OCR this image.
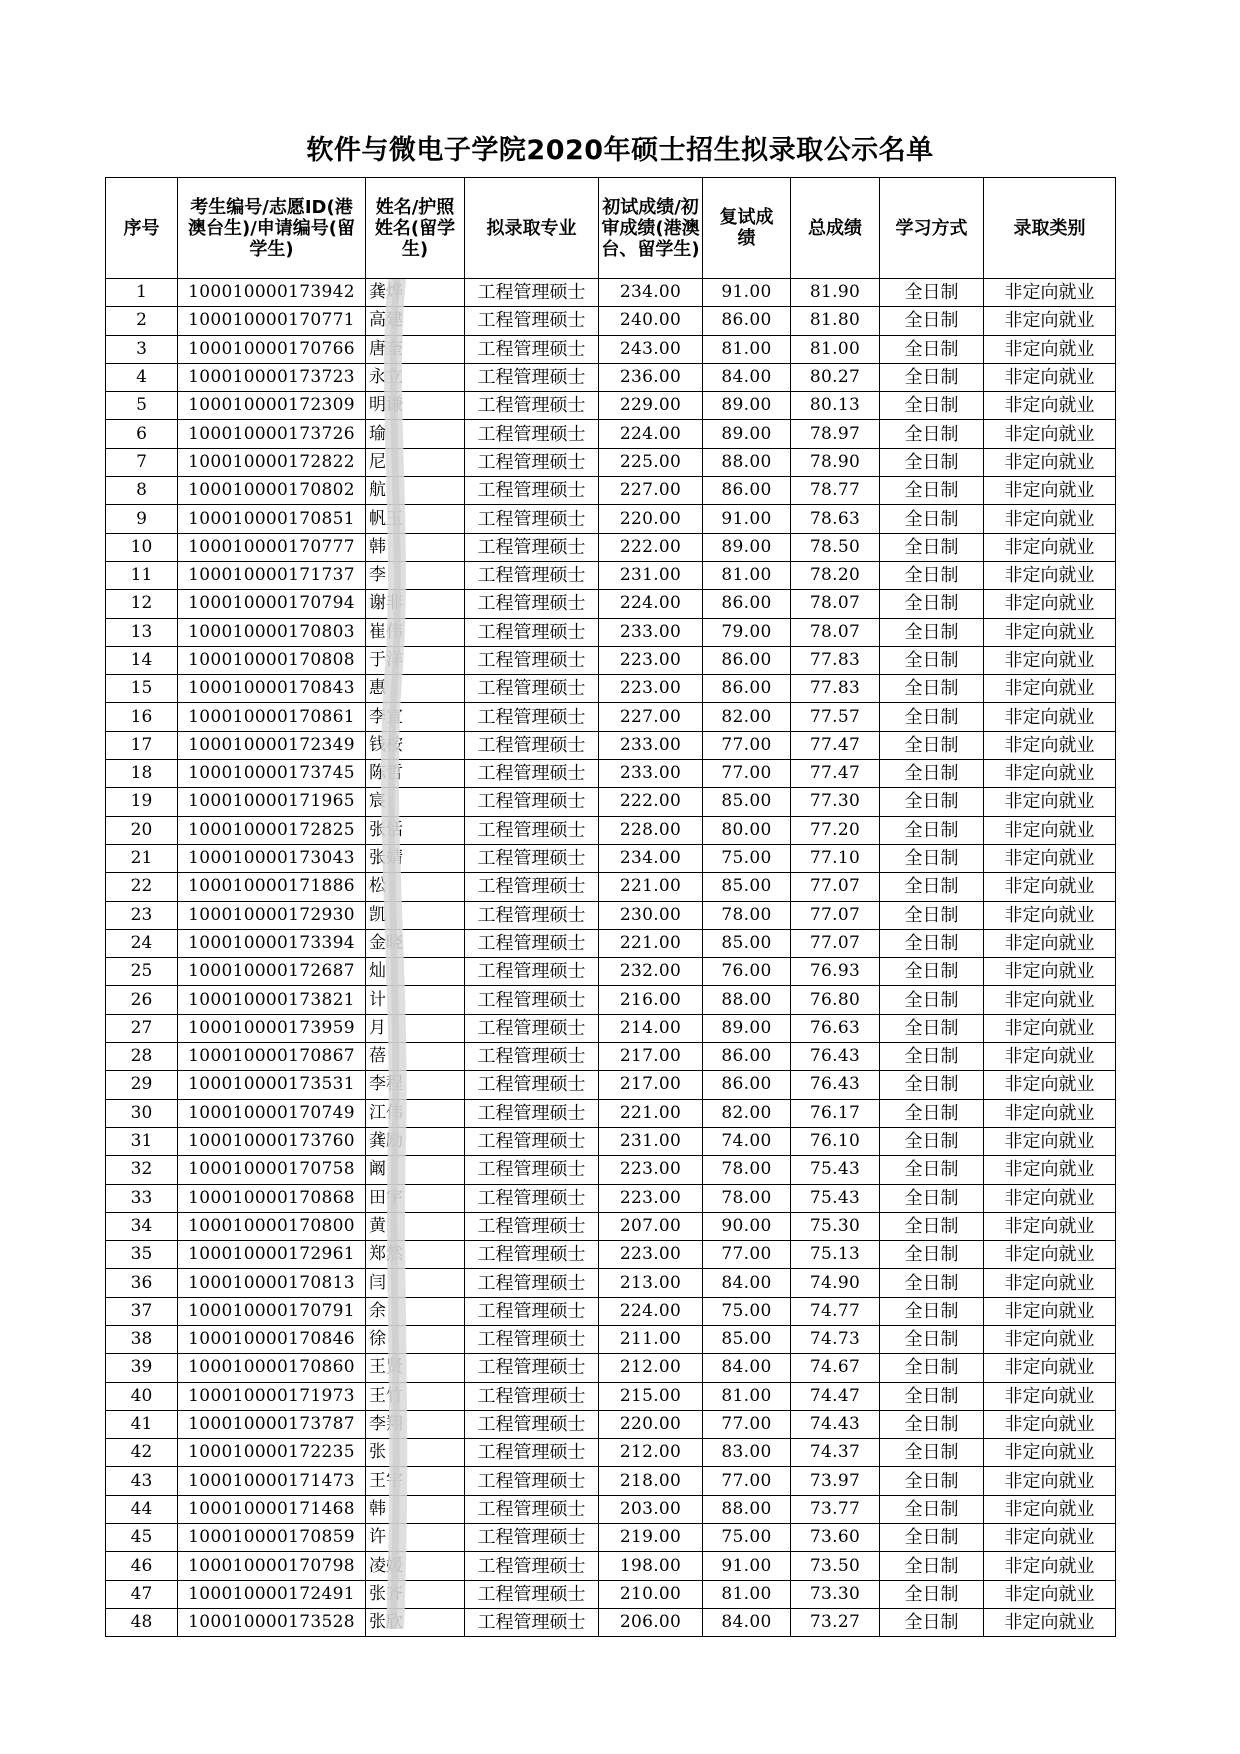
软件与微电子学院2020年硕士招生拟录取公示名单
序号	考生编号/志愿ID(港澳台生)/申请编号(留学生)	姓名/护照姓名(留学生)	拟录取专业	初试成绩/初审成绩(港澳台、留学生)	复试成绩	总成绩	学习方式	录取类别
1	100010000173942	龚烨	工程管理硕士	234.00	91.00	81.90	全日制	非定向就业
2	100010000170771	高建	工程管理硕士	240.00	86.00	81.80	全日制	非定向就业
3	100010000170766	唐奎	工程管理硕士	243.00	81.00	81.00	全日制	非定向就业
4	100010000173723	永立	工程管理硕士	236.00	84.00	80.27	全日制	非定向就业
5	100010000172309	明谦	工程管理硕士	229.00	89.00	80.13	全日制	非定向就业
6	100010000173726	瑜	工程管理硕士	224.00	89.00	78.97	全日制	非定向就业
7	100010000172822	尼	工程管理硕士	225.00	88.00	78.90	全日制	非定向就业
8	100010000170802	航	工程管理硕士	227.00	86.00	78.77	全日制	非定向就业
9	100010000170851	帆玉	工程管理硕士	220.00	91.00	78.63	全日制	非定向就业
10	100010000170777	韩	工程管理硕士	222.00	89.00	78.50	全日制	非定向就业
11	100010000171737	李	工程管理硕士	231.00	81.00	78.20	全日制	非定向就业
12	100010000170794	谢非	工程管理硕士	224.00	86.00	78.07	全日制	非定向就业
13	100010000170803	崔伟	工程管理硕士	233.00	79.00	78.07	全日制	非定向就业
14	100010000170808	于洋	工程管理硕士	223.00	86.00	77.83	全日制	非定向就业
15	100010000170843	惠	工程管理硕士	223.00	86.00	77.83	全日制	非定向就业
16	100010000170861	李宣	工程管理硕士	227.00	82.00	77.57	全日制	非定向就业
17	100010000172349	钱桉	工程管理硕士	233.00	77.00	77.47	全日制	非定向就业
18	100010000173745	陈哲	工程管理硕士	233.00	77.00	77.47	全日制	非定向就业
19	100010000171965	宸	工程管理硕士	222.00	85.00	77.30	全日制	非定向就业
20	100010000172825	张恬	工程管理硕士	228.00	80.00	77.20	全日制	非定向就业
21	100010000173043	张婧	工程管理硕士	234.00	75.00	77.10	全日制	非定向就业
22	100010000171886	松	工程管理硕士	221.00	85.00	77.07	全日制	非定向就业
23	100010000172930	凯	工程管理硕士	230.00	78.00	77.07	全日制	非定向就业
24	100010000173394	金晓	工程管理硕士	221.00	85.00	77.07	全日制	非定向就业
25	100010000172687	灿	工程管理硕士	232.00	76.00	76.93	全日制	非定向就业
26	100010000173821	计	工程管理硕士	216.00	88.00	76.80	全日制	非定向就业
27	100010000173959	月	工程管理硕士	214.00	89.00	76.63	全日制	非定向就业
28	100010000170867	蓓	工程管理硕士	217.00	86.00	76.43	全日制	非定向就业
29	100010000173531	李程	工程管理硕士	217.00	86.00	76.43	全日制	非定向就业
30	100010000170749	江伟	工程管理硕士	221.00	82.00	76.17	全日制	非定向就业
31	100010000173760	龚励	工程管理硕士	231.00	74.00	76.10	全日制	非定向就业
32	100010000170758	阚	工程管理硕士	223.00	78.00	75.43	全日制	非定向就业
33	100010000170868	田宇	工程管理硕士	223.00	78.00	75.43	全日制	非定向就业
34	100010000170800	黄	工程管理硕士	207.00	90.00	75.30	全日制	非定向就业
35	100010000172961	郑然	工程管理硕士	223.00	77.00	75.13	全日制	非定向就业
36	100010000170813	闫	工程管理硕士	213.00	84.00	74.90	全日制	非定向就业
37	100010000170791	余	工程管理硕士	224.00	75.00	74.77	全日制	非定向就业
38	100010000170846	徐	工程管理硕士	211.00	85.00	74.73	全日制	非定向就业
39	100010000170860	王贤	工程管理硕士	212.00	84.00	74.67	全日制	非定向就业
40	100010000171973	王竹	工程管理硕士	215.00	81.00	74.47	全日制	非定向就业
41	100010000173787	李翔	工程管理硕士	220.00	77.00	74.43	全日制	非定向就业
42	100010000172235	张	工程管理硕士	212.00	83.00	74.37	全日制	非定向就业
43	100010000171473	王宇	工程管理硕士	218.00	77.00	73.97	全日制	非定向就业
44	100010000171468	韩	工程管理硕士	203.00	88.00	73.77	全日制	非定向就业
45	100010000170859	许	工程管理硕士	219.00	75.00	73.60	全日制	非定向就业
46	100010000170798	凌媛	工程管理硕士	198.00	91.00	73.50	全日制	非定向就业
47	100010000172491	张齐	工程管理硕士	210.00	81.00	73.30	全日制	非定向就业
48	100010000173528	张欣	工程管理硕士	206.00	84.00	73.27	全日制	非定向就业
